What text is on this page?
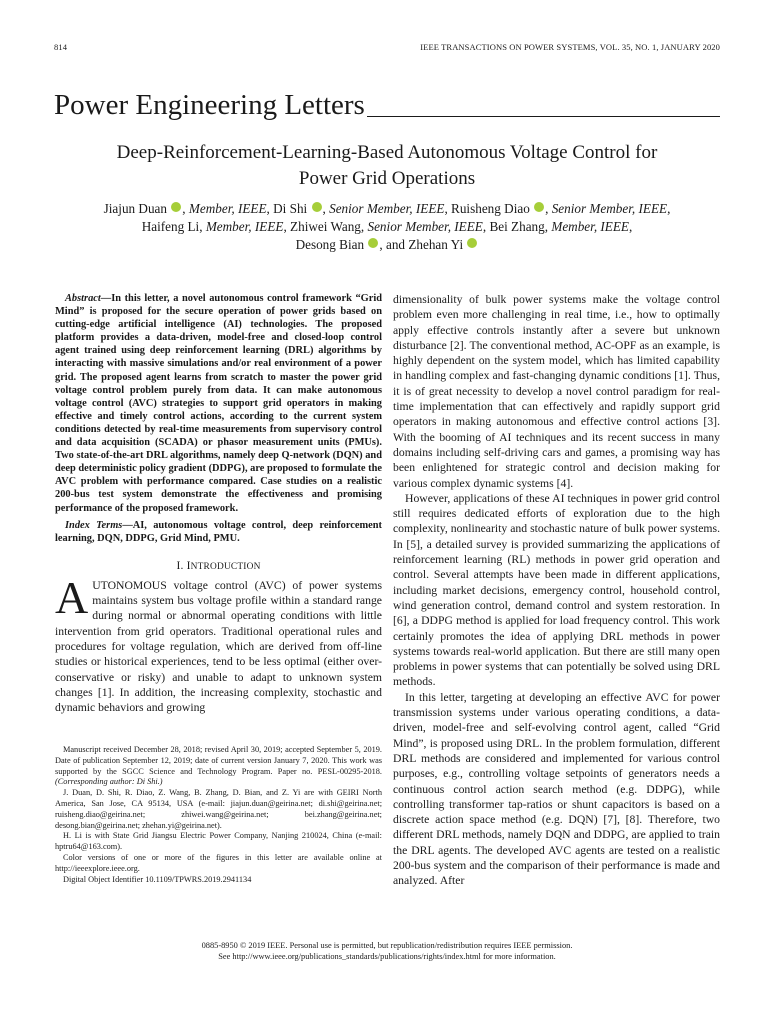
814	IEEE TRANSACTIONS ON POWER SYSTEMS, VOL. 35, NO. 1, JANUARY 2020
Power Engineering Letters
Deep-Reinforcement-Learning-Based Autonomous Voltage Control for
Power Grid Operations
Jiajun Duan , Member, IEEE, Di Shi , Senior Member, IEEE, Ruisheng Diao , Senior Member, IEEE,
Haifeng Li, Member, IEEE, Zhiwei Wang, Senior Member, IEEE, Bei Zhang, Member, IEEE,
Desong Bian , and Zhehan Yi

Abstract—In this letter, a novel autonomous control framework “Grid Mind” is proposed for the secure operation of power grids based on cutting-edge artificial intelligence (AI) technologies. The proposed platform provides a data-driven, model-free and closed-loop control agent trained using deep reinforcement learning (DRL) algorithms by interacting with massive simulations and/or real environment of a power grid. The proposed agent learns from scratch to master the power grid voltage control problem purely from data. It can make autonomous voltage control (AVC) strategies to support grid operators in making effective and timely control actions, according to the current system conditions detected by real-time measurements from supervisory control and data acquisition (SCADA) or phasor measurement units (PMUs). Two state-of-the-art DRL algorithms, namely deep Q-network (DQN) and deep deterministic policy gradient (DDPG), are proposed to formulate the AVC problem with performance compared. Case studies on a realistic 200-bus test system demonstrate the effectiveness and promising performance of the proposed framework.

Index Terms—AI, autonomous voltage control, deep reinforcement learning, DQN, DDPG, Grid Mind, PMU.

I. INTRODUCTION

AUTONOMOUS voltage control (AVC) of power systems maintains system bus voltage profile within a standard range during normal or abnormal operating conditions with little intervention from grid operators. Traditional operational rules and procedures for voltage regulation, which are derived from off-line studies or historical experiences, tend to be less optimal (either over-conservative or risky) and unable to adapt to unknown system changes [1]. In addition, the increasing complexity, stochastic and dynamic behaviors and growing

Manuscript received December 28, 2018; revised April 30, 2019; accepted September 5, 2019. Date of publication September 12, 2019; date of current version January 7, 2020. This work was supported by the SGCC Science and Technology Program. Paper no. PESL-00295-2018. (Corresponding author: Di Shi.)

J. Duan, D. Shi, R. Diao, Z. Wang, B. Zhang, D. Bian, and Z. Yi are with GEIRI North America, San Jose, CA 95134, USA (e-mail: jiajun.duan@geirina.net; di.shi@geirina.net; ruisheng.diao@geirina.net; zhiwei.wang@geirina.net; bei.zhang@geirina.net; desong.bian@geirina.net; zhehan.yi@geirina.net).

H. Li is with State Grid Jiangsu Electric Power Company, Nanjing 210024, China (e-mail: hptru64@163.com).

Color versions of one or more of the figures in this letter are available online at http://ieeexplore.ieee.org.

Digital Object Identifier 10.1109/TPWRS.2019.2941134

dimensionality of bulk power systems make the voltage control problem even more challenging in real time, i.e., how to optimally apply effective controls instantly after a severe but unknown disturbance [2]. The conventional method, AC-OPF as an example, is highly dependent on the system model, which has limited capability in handling complex and fast-changing dynamic conditions [1]. Thus, it is of great necessity to develop a novel control paradigm for real-time implementation that can effectively and rapidly support grid operators in making autonomous and effective control actions [3]. With the booming of AI techniques and its recent success in many domains including self-driving cars and games, a promising way has been enlightened for strategic control and decision making for various complex dynamic systems [4].

However, applications of these AI techniques in power grid control still requires dedicated efforts of exploration due to the high complexity, nonlinearity and stochastic nature of bulk power systems. In [5], a detailed survey is provided summarizing the applications of reinforcement learning (RL) methods in power grid operation and control. Several attempts have been made in different applications, including market decisions, emergency control, household control, wind generation control, demand control and system restoration. In [6], a DDPG method is applied for load frequency control. This work certainly promotes the idea of applying DRL methods in power systems towards real-world application. But there are still many open problems in power systems that can potentially be solved using DRL methods.

In this letter, targeting at developing an effective AVC for power transmission systems under various operating conditions, a data-driven, model-free and self-evolving control agent, called “Grid Mind”, is proposed using DRL. In the problem formulation, different DRL methods are considered and implemented for various control purposes, e.g., controlling voltage setpoints of generators needs a continuous control action search method (e.g. DDPG), while controlling transformer tap-ratios or shunt capacitors is based on a discrete action space method (e.g. DQN) [7], [8]. Therefore, two different DRL methods, namely DQN and DDPG, are applied to train the DRL agents. The developed AVC agents are tested on a realistic 200-bus system and the comparison of their performance is made and analyzed. After

0885-8950 © 2019 IEEE. Personal use is permitted, but republication/redistribution requires IEEE permission.
See http://www.ieee.org/publications_standards/publications/rights/index.html for more information.
